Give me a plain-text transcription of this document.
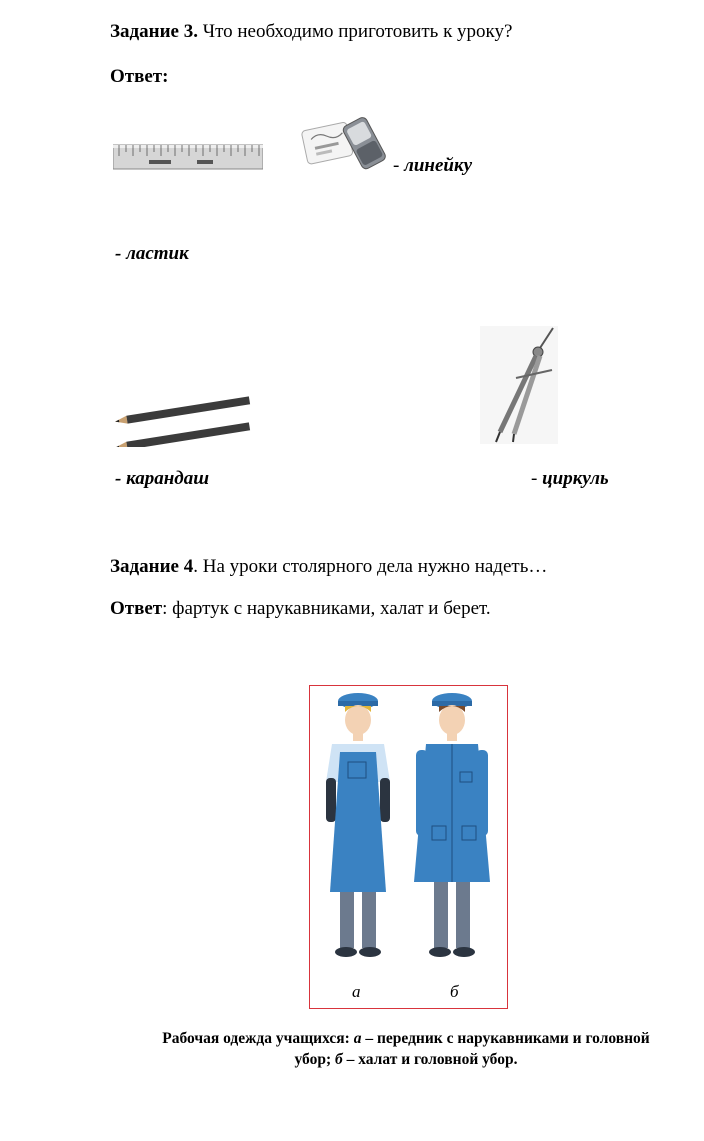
Задание 3. Что необходимо приготовить к уроку?
Ответ:
- линейку
- ластик
- карандаш	- циркуль
Задание 4. На уроки столярного дела нужно надеть…
Ответ: фартук с нарукавниками, халат и берет.
а	б
Рабочая одежда учащихся: а – передник с нарукавниками и головной
убор; б – халат и головной убор.
